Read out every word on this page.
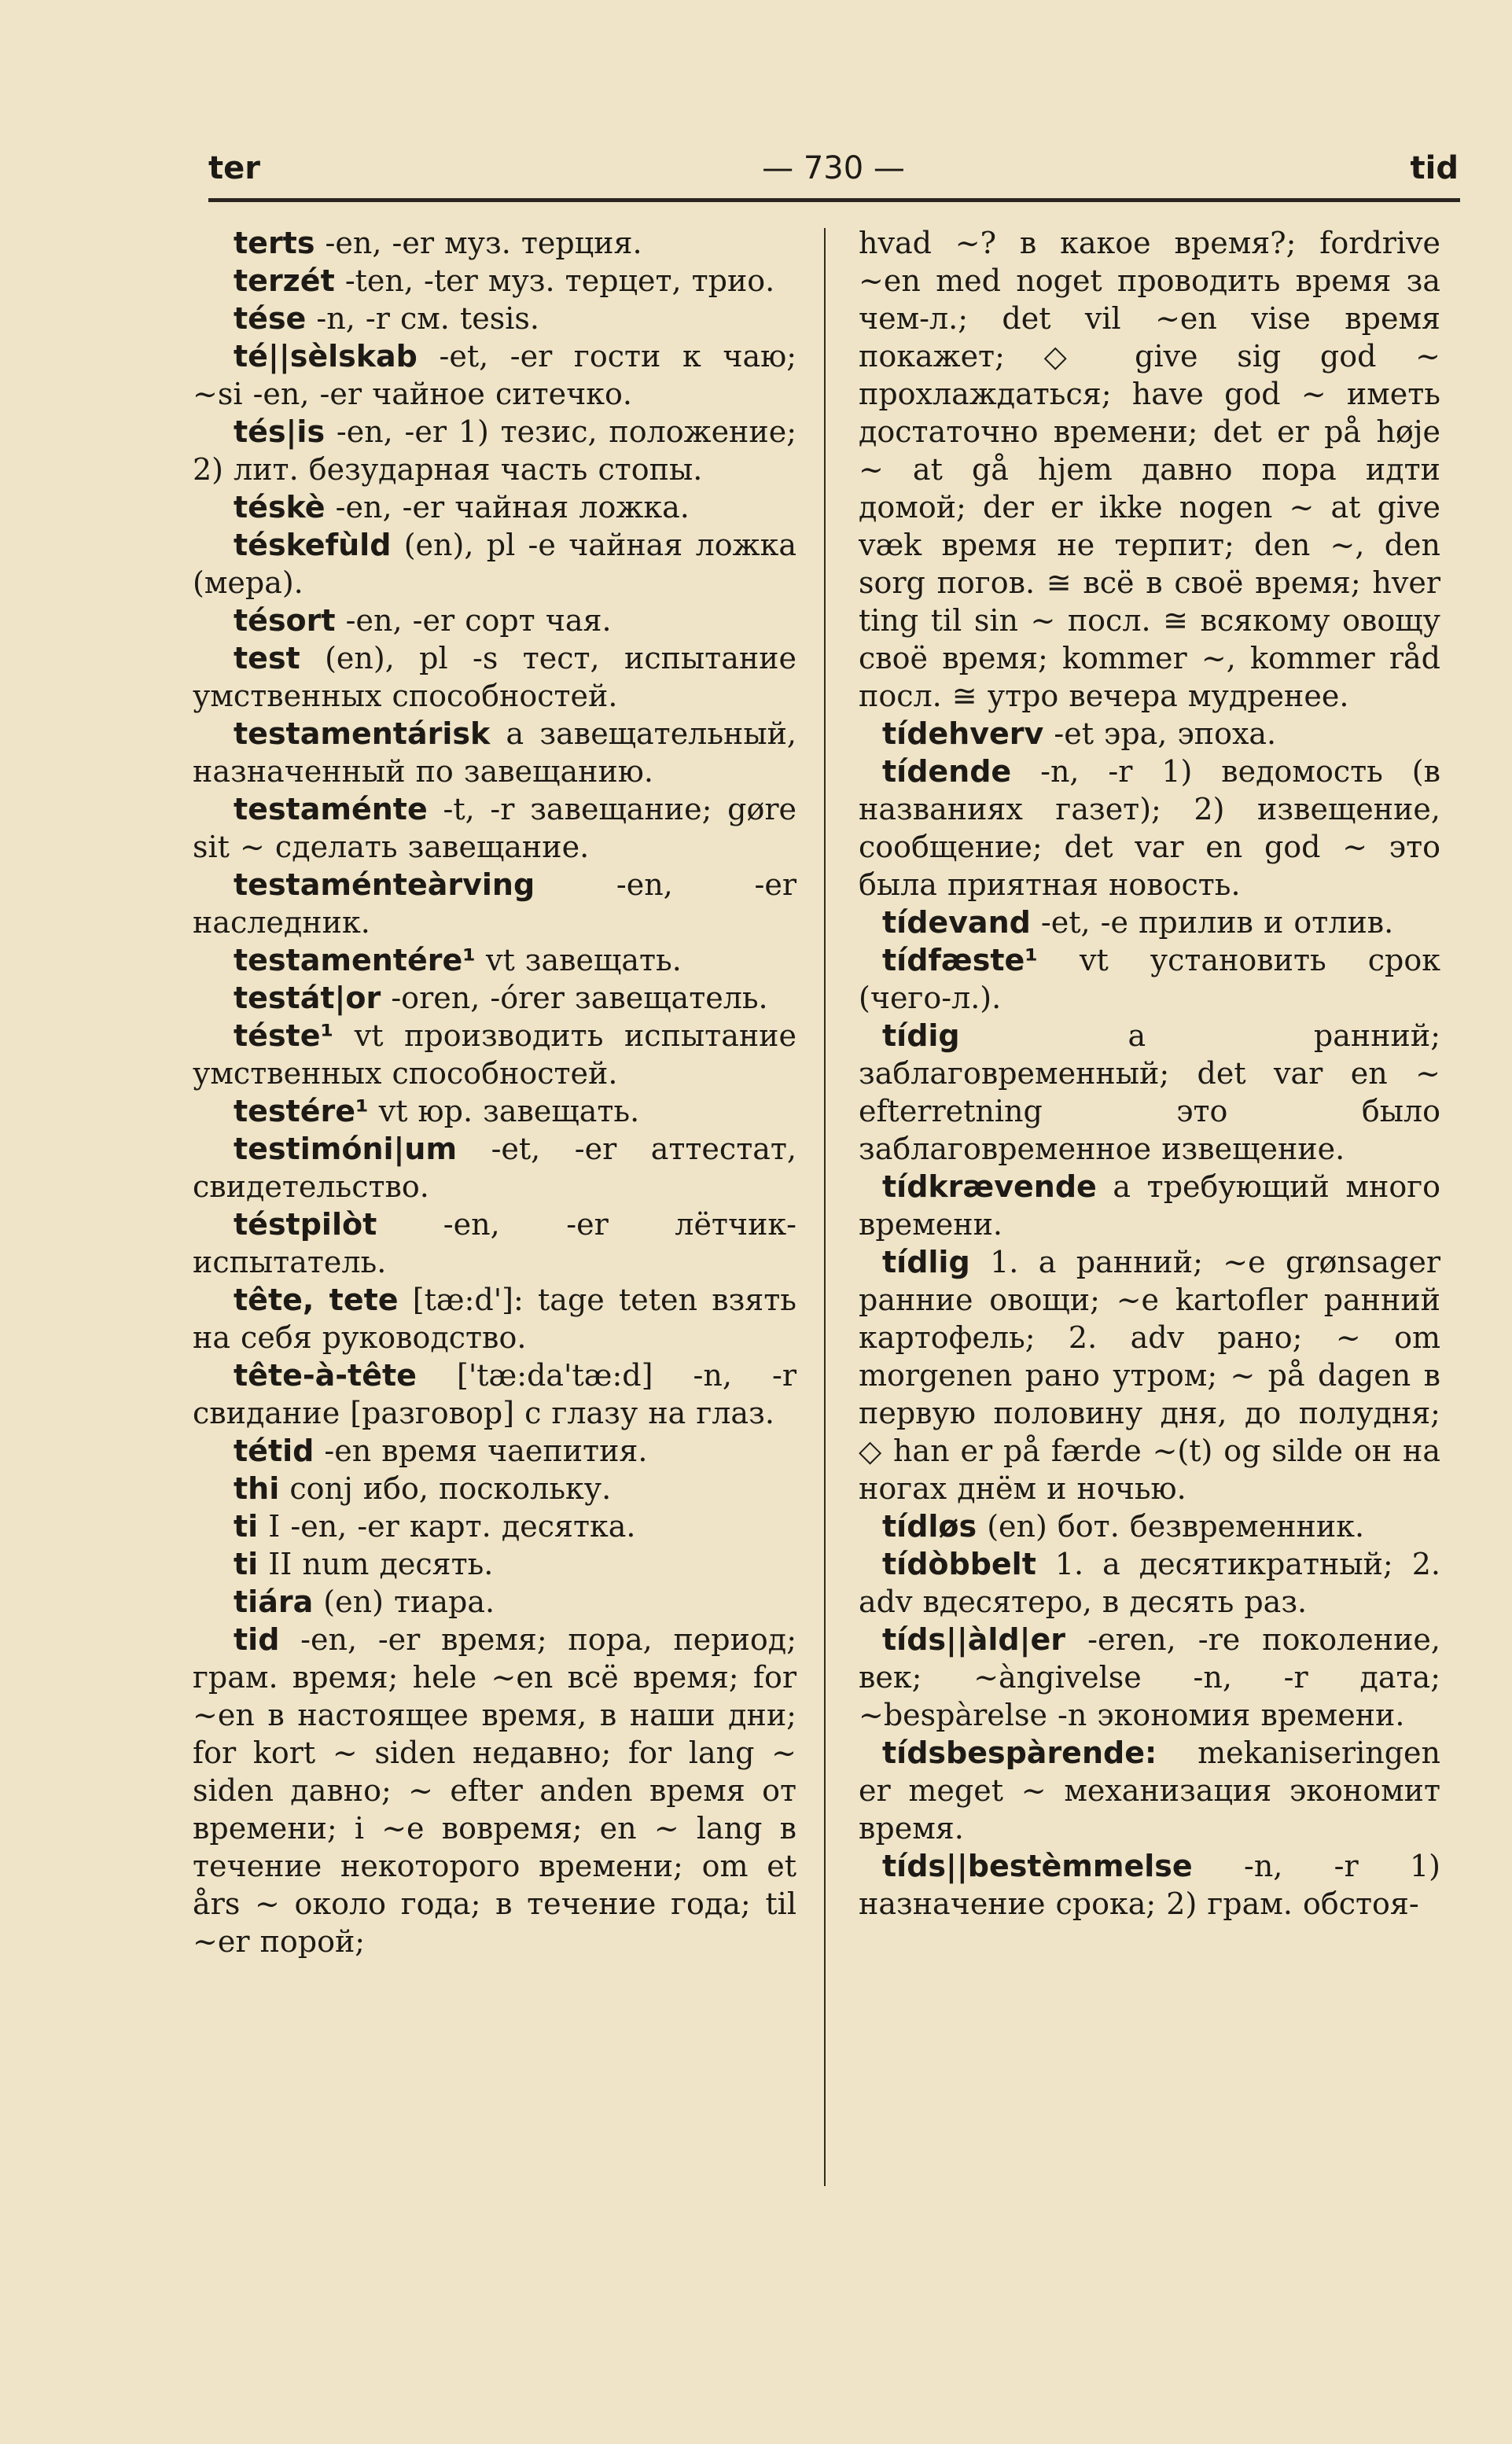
— 730 —
ter	tid

terts -en, -er муз. терция.

terzét -ten, -ter муз. терцет, трио.

tése -n, -r см. tesis.

té||sèlskab -et, -er гости к чаю; ~si -en, -er чайное ситечко.

tés|is -en, -er 1) тезис, положение; 2) лит. безударная часть стопы.

téskè -en, -er чайная ложка.

téskefùld (en), pl -e чайная ложка (мера).

tésort -en, -er сорт чая.

test (en), pl -s тест, испытание умственных способностей.

testamentárisk a завещательный, назначенный по завещанию.

testaménte -t, -r завещание; gøre sit ~ сделать завещание.

testaménteàrving -en, -er наследник.

testamentére¹ vt завещать.

testát|or -oren, -órer завещатель.

téste¹ vt производить испытание умственных способностей.

testére¹ vt юр. завещать.

testimóni|um -et, -er аттестат, свидетельство.

téstpilòt -en, -er лётчик-испытатель.

tête, tete [tæ:d']: tage teten взять на себя руководство.

tête-à-tête ['tæ:da'tæ:d] -n, -r свидание [разговор] с глазу на глаз.

tétid -en время чаепития.

thi conj ибо, поскольку.

ti I -en, -er карт. десятка.

ti II num десять.

tiára (en) тиара.

tid -en, -er время; пора, период; грам. время; hele ~en всё время; for ~en в настоящее время, в наши дни; for kort ~ siden недавно; for lang ~ siden давно; ~ efter anden время от времени; i ~e вовремя; en ~ lang в течение некоторого времени; om et års ~ около года; в течение года; til ~er порой;

hvad ~? в какое время?; fordrive ~en med noget проводить время за чем-л.; det vil ~en vise время покажет; ◇ give sig god ~ прохлаждаться; have god ~ иметь достаточно времени; det er på høje ~ at gå hjem давно пора идти домой; der er ikke nogen ~ at give væk время не терпит; den ~, den sorg погов. ≅ всё в своё время; hver ting til sin ~ посл. ≅ всякому овощу своё время; kommer ~, kommer råd посл. ≅ утро вечера мудренее.

tídehverv -et эра, эпоха.

tídende -n, -r 1) ведомость (в названиях газет); 2) извещение, сообщение; det var en god ~ это была приятная новость.

tídevand -et, -e прилив и отлив.

tídfæste¹ vt установить срок (чего-л.).

tídig a ранний; заблаговременный; det var en ~ efterretning это было заблаговременное извещение.

tídkrævende a требующий много времени.

tídlig 1. a ранний; ~e grønsager ранние овощи; ~e kartofler ранний картофель; 2. adv рано; ~ om morgenen рано утром; ~ på dagen в первую половину дня, до полудня; ◇ han er på færde ~(t) og silde он на ногах днём и ночью.

tídløs (en) бот. безвременник.

tídòbbelt 1. a десятикратный; 2. adv вдесятеро, в десять раз.

tíds||àld|er -eren, -re поколение, век; ~àngivelse -n, -r дата; ~bespàrelse -n экономия времени.

tídsbespàrende: mekaniseringen er meget ~ механизация экономит время.

tíds||bestèmmelse -n, -r 1) назначение срока; 2) грам. обстоя-
